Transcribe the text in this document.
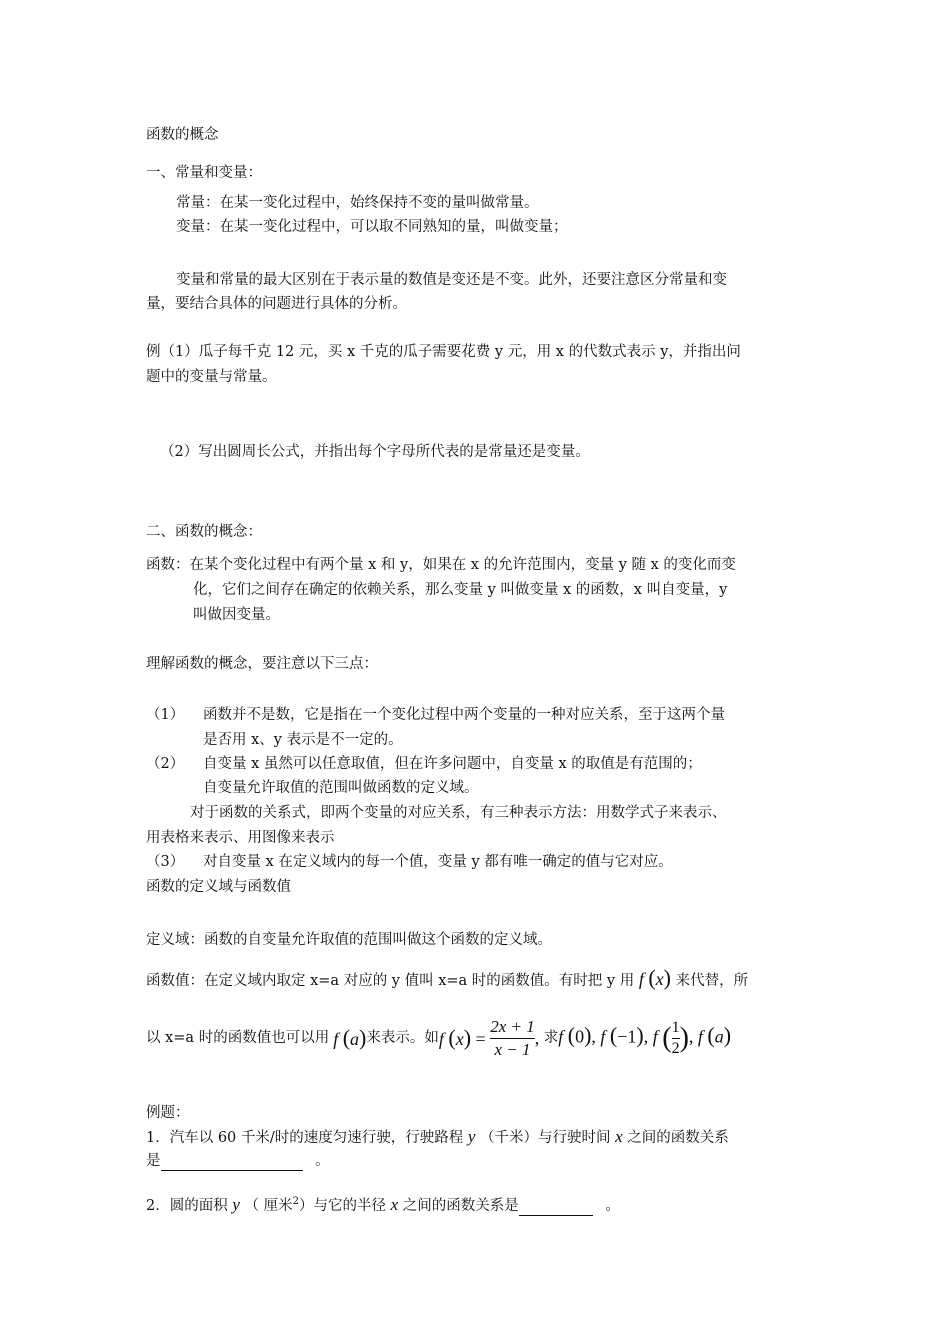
函数的概念
一、常量和变量：
常量：在某一变化过程中，始终保持不变的量叫做常量。
变量：在某一变化过程中，可以取不同熟知的量，叫做变量；
变量和常量的最大区别在于表示量的数值是变还是不变。此外，还要注意区分常量和变
量，要结合具体的问题进行具体的分析。
例（1）瓜子每千克 12 元，买 x 千克的瓜子需要花费 y 元，用 x 的代数式表示 y，并指出问
题中的变量与常量。
（2）写出圆周长公式，并指出每个字母所代表的是常量还是变量。
二、函数的概念：
函数：在某个变化过程中有两个量 x 和 y，如果在 x 的允许范围内，变量 y 随 x 的变化而变
化，它们之间存在确定的依赖关系，那么变量 y 叫做变量 x 的函数，x 叫自变量，y
叫做因变量。
理解函数的概念，要注意以下三点：
（1） 函数并不是数，它是指在一个变化过程中两个变量的一种对应关系，至于这两个量
是否用 x、y 表示是不一定的。
（2） 自变量 x 虽然可以任意取值，但在许多问题中，自变量 x 的取值是有范围的；
自变量允许取值的范围叫做函数的定义域。
对于函数的关系式，即两个变量的对应关系，有三种表示方法：用数学式子来表示、
用表格来表示、用图像来表示
（3） 对自变量 x 在定义域内的每一个值，变量 y 都有唯一确定的值与它对应。
函数的定义域与函数值
定义域：函数的自变量允许取值的范围叫做这个函数的定义域。
函数值：在定义域内取定 x=a 对应的 y 值叫 x=a 时的函数值。有时把 y 用 f (x) 来代替，所
以 x=a 时的函数值也可以用 f (a) 来表示。如 f $(x) = \frac{2x + 1}{x - 1}$ , 求 f (0), f (−1), f ( $\frac{1}{2}$ ), f (a)
例题：
1．汽车以 60 千米/时的速度匀速行驶，行驶路程 y （千米）与行驶时间 x 之间的函数关系
是	。
2．圆的面积 y （ 厘米$^2$）与它的半径 x 之间的函数关系是	。
